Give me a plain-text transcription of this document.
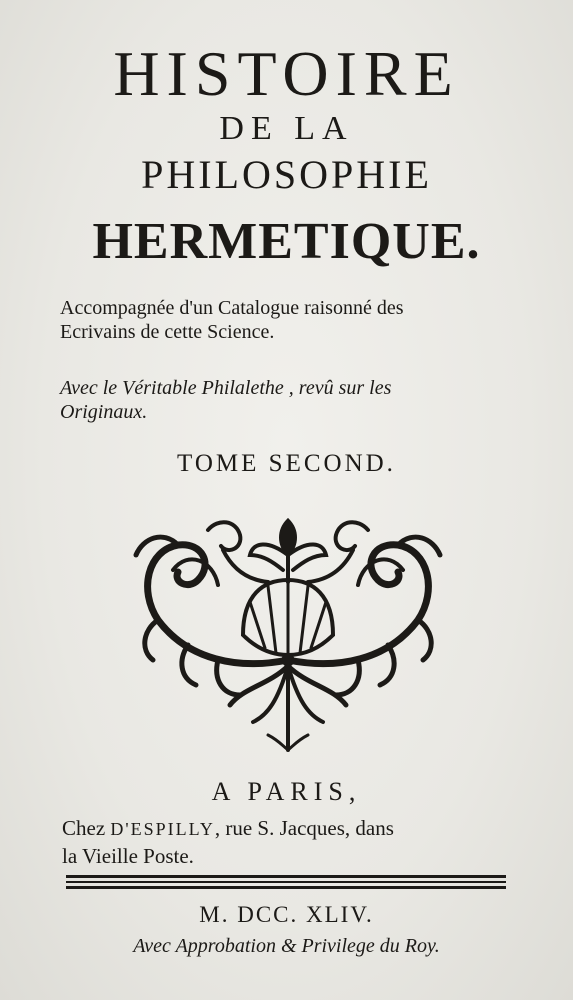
HISTOIRE
DE LA
PHILOSOPHIE
HERMETIQUE.
Accompagnée d'un Catalogue raisonné des
Ecrivains de cette Science.
Avec le Véritable Philalethe , revû sur les
Originaux.
TOME SECOND.
A PARIS,
Chez D'ESPILLY, rue S. Jacques, dans
la Vieille Poste.
M. DCC. XLIV.
Avec Approbation & Privilege du Roy.
